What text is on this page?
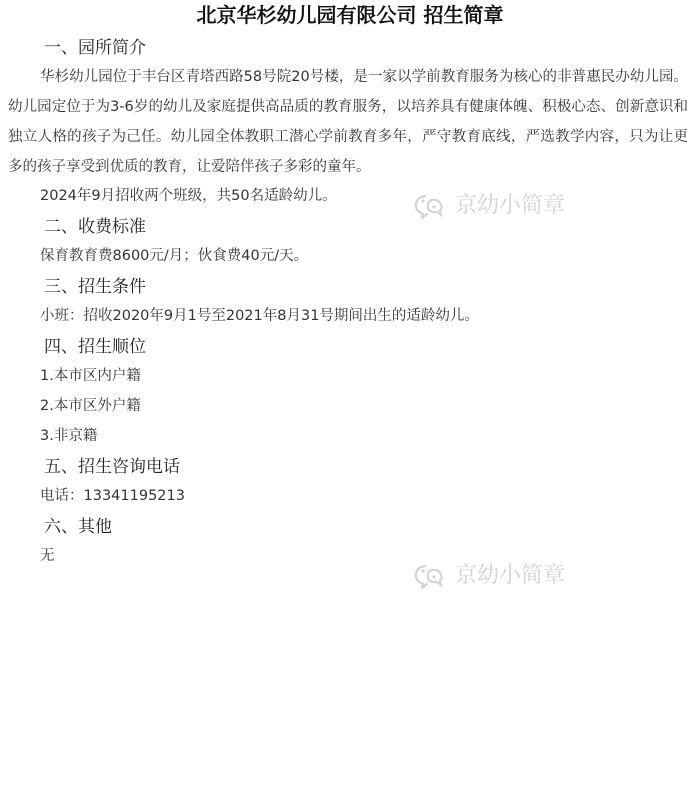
北京华杉幼儿园有限公司 招生简章
一、园所简介
华杉幼儿园位于丰台区青塔西路58号院20号楼，是一家以学前教育服务为核心的非普惠民办幼儿园。幼儿园定位于为3-6岁的幼儿及家庭提供高品质的教育服务，以培养具有健康体魄、积极心态、创新意识和独立人格的孩子为己任。幼儿园全体教职工潜心学前教育多年，严守教育底线，严选教学内容，只为让更多的孩子享受到优质的教育，让爱陪伴孩子多彩的童年。
2024年9月招收两个班级，共50名适龄幼儿。
二、收费标准
保育教育费8600元/月；伙食费40元/天。
三、招生条件
小班：招收2020年9月1号至2021年8月31号期间出生的适龄幼儿。
四、招生顺位
1.本市区内户籍
2.本市区外户籍
3.非京籍
五、招生咨询电话
电话：13341195213
六、其他
无
京幼小简章
京幼小简章
